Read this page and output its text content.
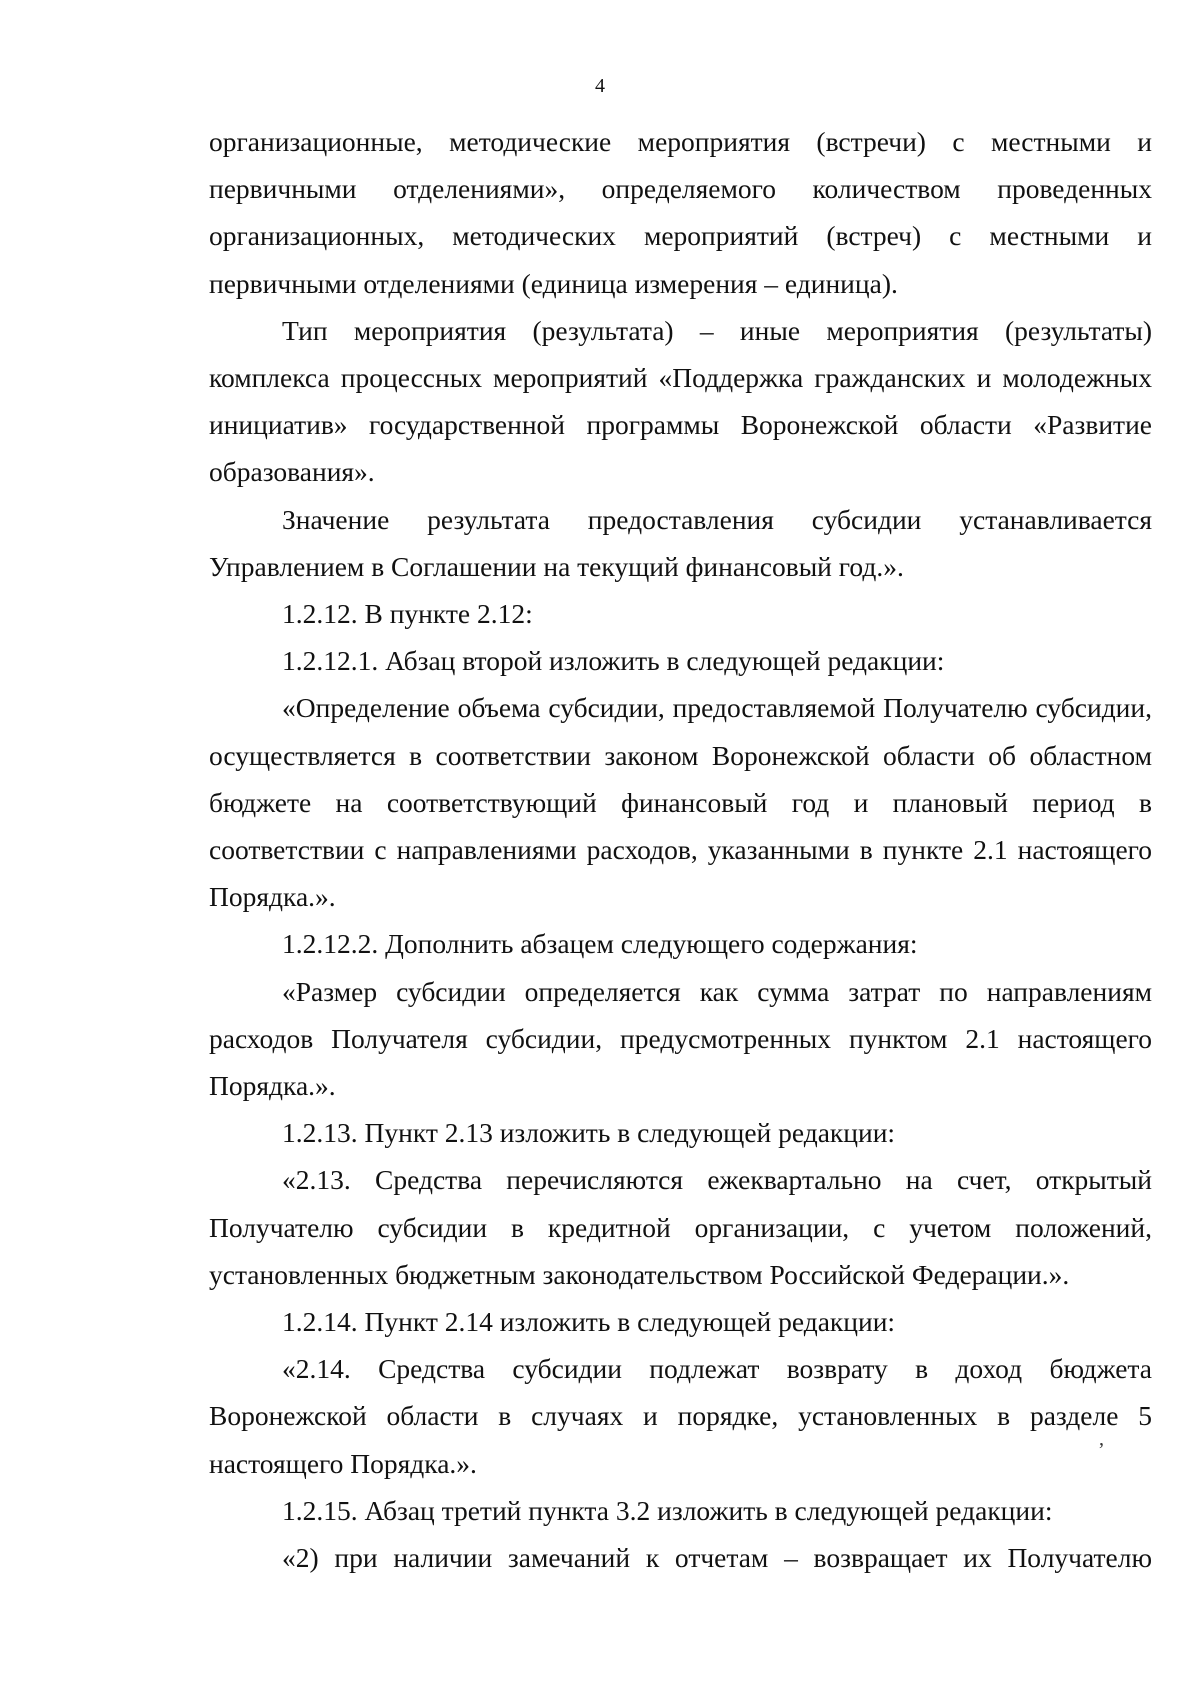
4

организационные, методические мероприятия (встречи) с местными и первичными отделениями», определяемого количеством проведенных организационных, методических мероприятий (встреч) с местными и первичными отделениями (единица измерения – единица).

Тип мероприятия (результата) – иные мероприятия (результаты) комплекса процессных мероприятий «Поддержка гражданских и молодежных инициатив» государственной программы Воронежской области «Развитие образования».

Значение результата предоставления субсидии устанавливается Управлением в Соглашении на текущий финансовый год.».

1.2.12. В пункте 2.12:

1.2.12.1. Абзац второй изложить в следующей редакции:

«Определение объема субсидии, предоставляемой Получателю субсидии, осуществляется в соответствии законом Воронежской области об областном бюджете на соответствующий финансовый год и плановый период в соответствии с направлениями расходов, указанными в пункте 2.1 настоящего Порядка.».

1.2.12.2. Дополнить абзацем следующего содержания:

«Размер субсидии определяется как сумма затрат по направлениям расходов Получателя субсидии, предусмотренных пунктом 2.1 настоящего Порядка.».

1.2.13. Пункт 2.13 изложить в следующей редакции:

«2.13. Средства перечисляются ежеквартально на счет, открытый Получателю субсидии в кредитной организации, с учетом положений, установленных бюджетным законодательством Российской Федерации.».

1.2.14. Пункт 2.14 изложить в следующей редакции:

«2.14. Средства субсидии подлежат возврату в доход бюджета Воронежской области в случаях и порядке, установленных в разделе 5 настоящего Порядка.».

1.2.15. Абзац третий пункта 3.2 изложить в следующей редакции:

«2) при наличии замечаний к отчетам – возвращает их Получателю

’
